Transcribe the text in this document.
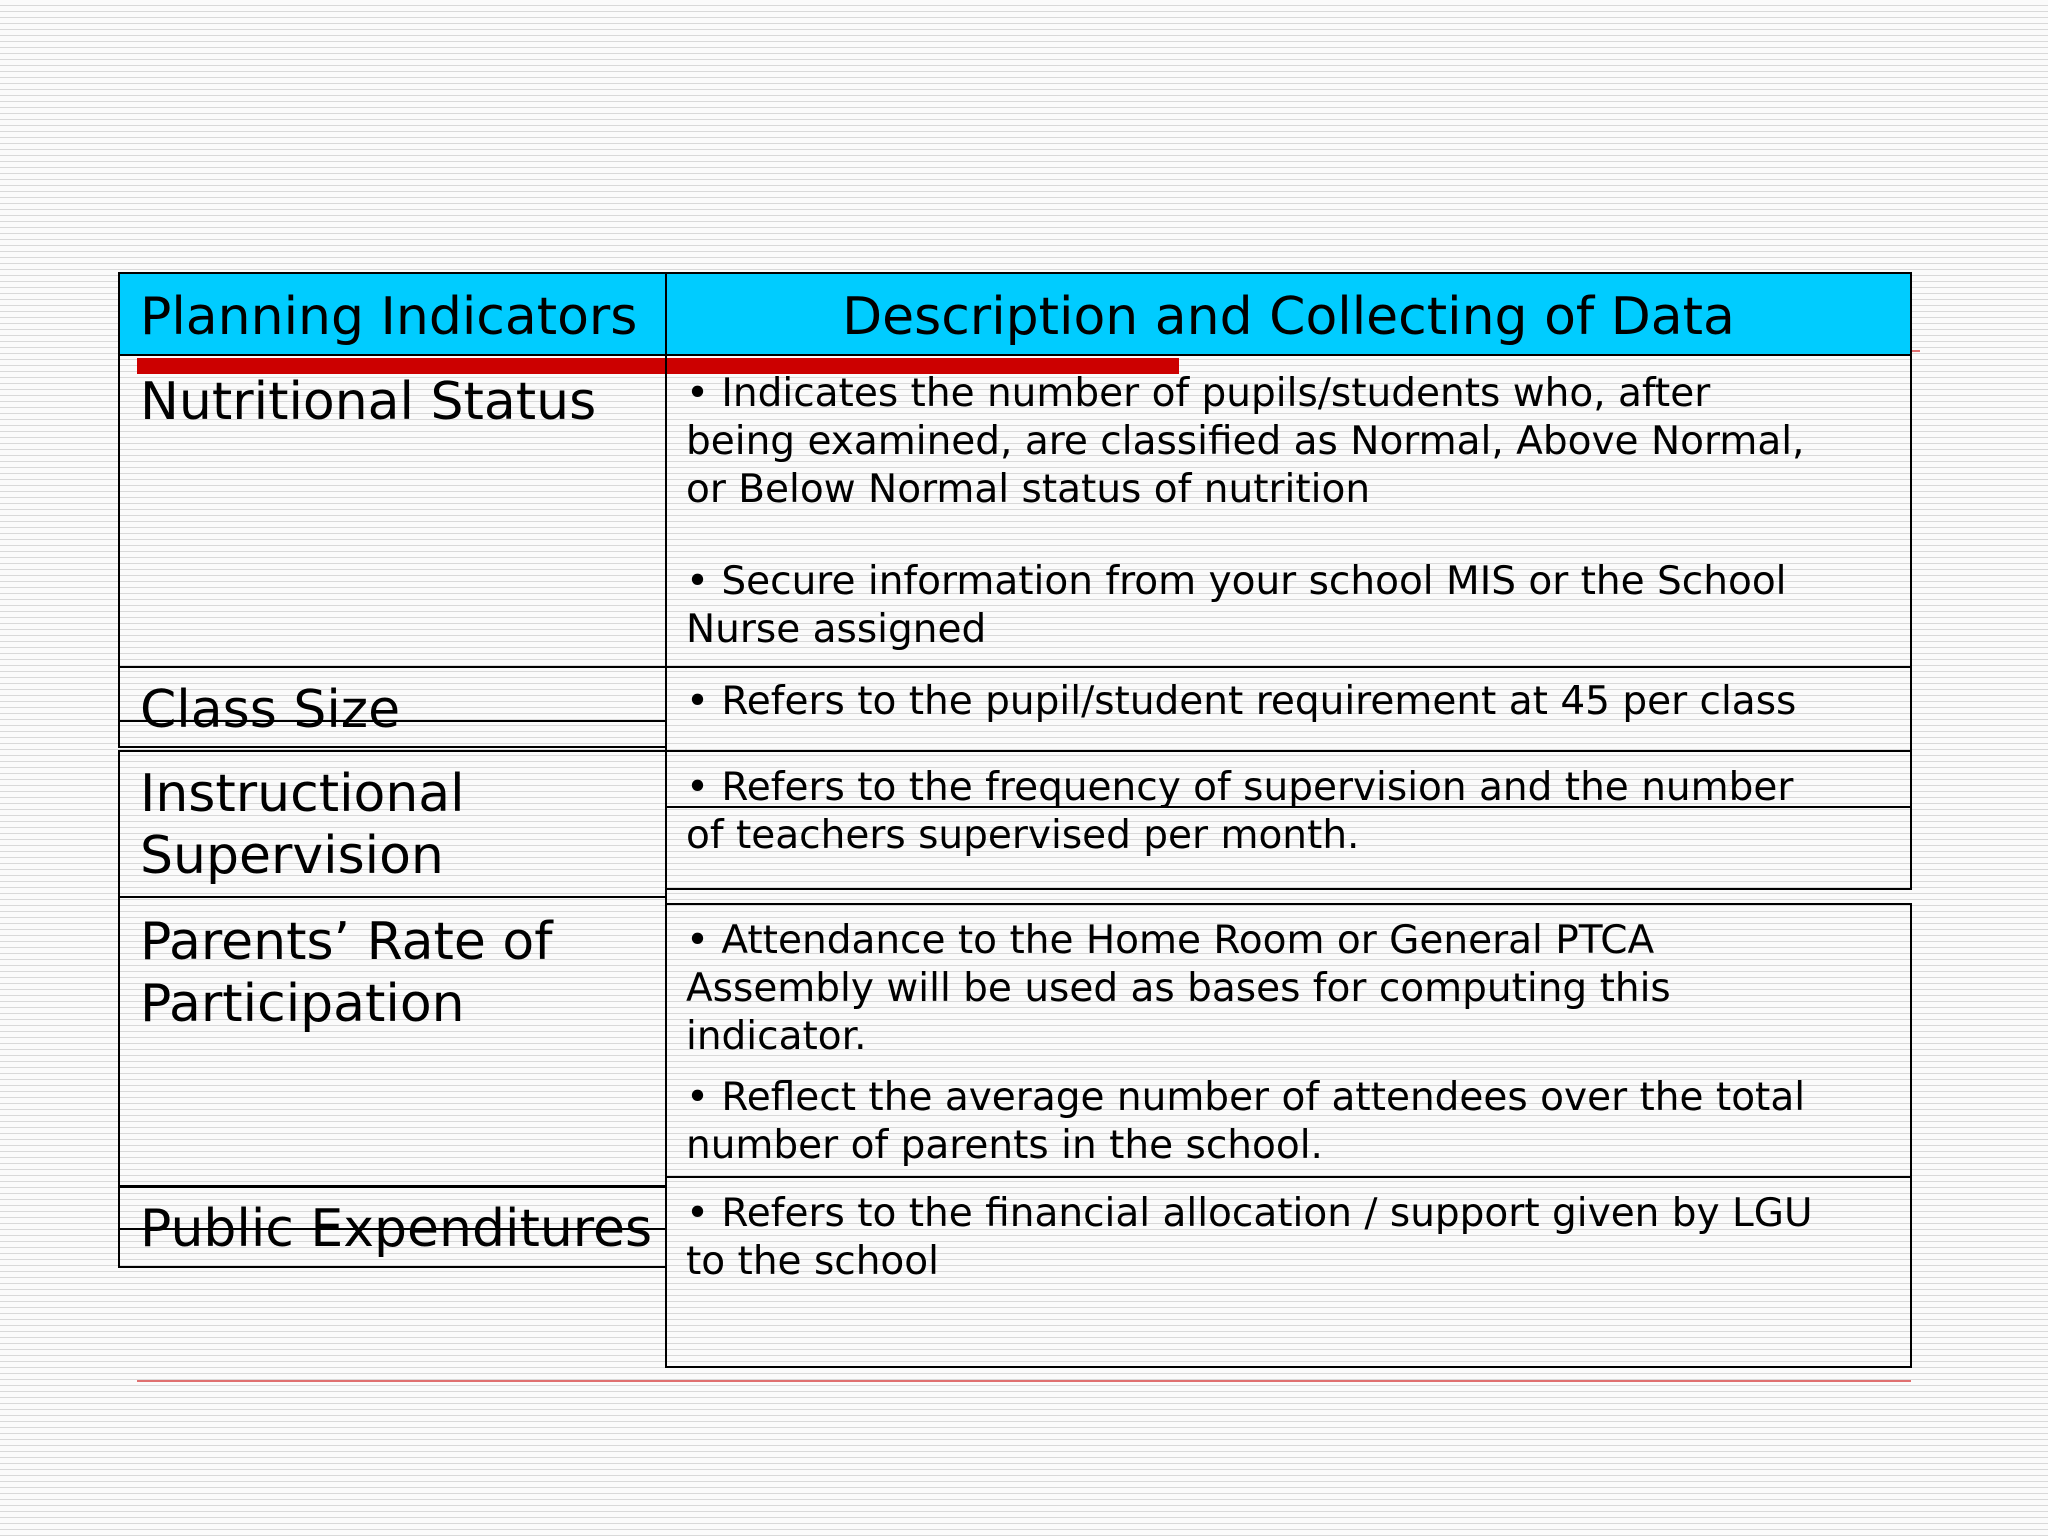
Planning Indicators	Description and Collecting of Data
Nutritional Status • Indicates the number of pupils/students who, after
being examined, are classified as Normal, Above Normal,
or Below Normal status of nutrition
• Secure information from your school MIS or the School
Nurse assigned
Class Size	• Refers to the pupil/student requirement at 45 per class
Instructional
Supervision
• Refers to the frequency of supervision and the number
of teachers supervised per month.
Parents’ Rate of
Participation
• Attendance to the Home Room or General PTCA
Assembly will be used as bases for computing this
indicator.
• Reflect the average number of attendees over the total
number of parents in the school.
Public Expenditures • Refers to the financial allocation / support given by LGU
to the school
